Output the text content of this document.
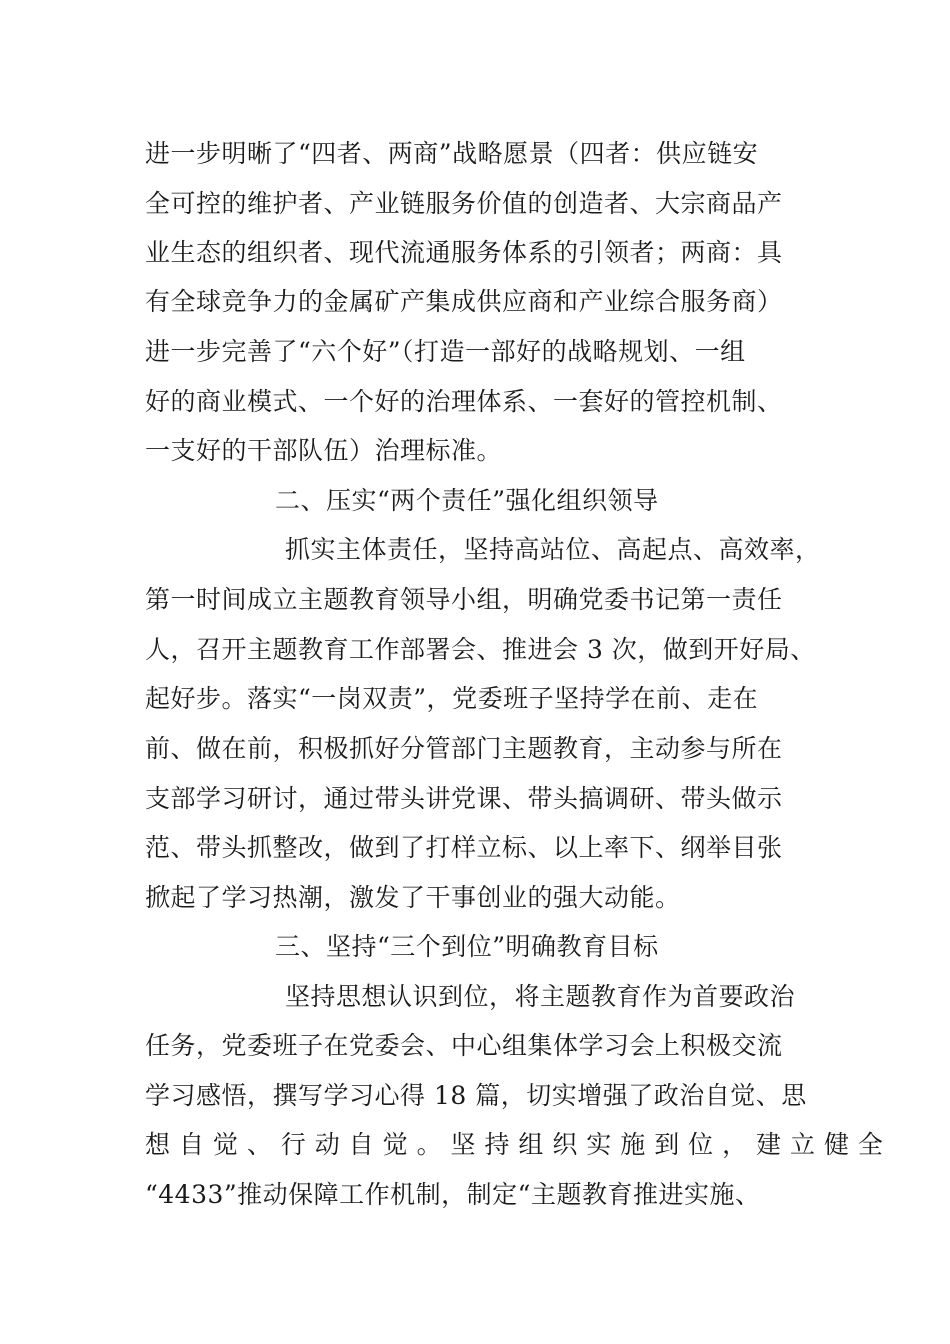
进一步明晰了“四者、两商”战略愿景（四者：供应链安
全可控的维护者、产业链服务价值的创造者、大宗商品产
业生态的组织者、现代流通服务体系的引领者；两商：具
有全球竞争力的金属矿产集成供应商和产业综合服务商）
进一步完善了“六个好”（打造一部好的战略规划、一组
好的商业模式、一个好的治理体系、一套好的管控机制、
一支好的干部队伍）治理标准。
二、压实“两个责任”强化组织领导
抓实主体责任，坚持高站位、高起点、高效率，
第一时间成立主题教育领导小组，明确党委书记第一责任
人，召开主题教育工作部署会、推进会 3 次，做到开好局、
起好步。落实“一岗双责”，党委班子坚持学在前、走在
前、做在前，积极抓好分管部门主题教育，主动参与所在
支部学习研讨，通过带头讲党课、带头搞调研、带头做示
范、带头抓整改，做到了打样立标、以上率下、纲举目张
掀起了学习热潮，激发了干事创业的强大动能。
三、坚持“三个到位”明确教育目标
坚持思想认识到位，将主题教育作为首要政治
任务，党委班子在党委会、中心组集体学习会上积极交流
学习感悟，撰写学习心得 18 篇，切实增强了政治自觉、思
想 自 觉 、 行 动 自 觉 。 坚 持 组 织 实 施 到 位 ， 建 立 健 全
“4433”推动保障工作机制，制定“主题教育推进实施、
